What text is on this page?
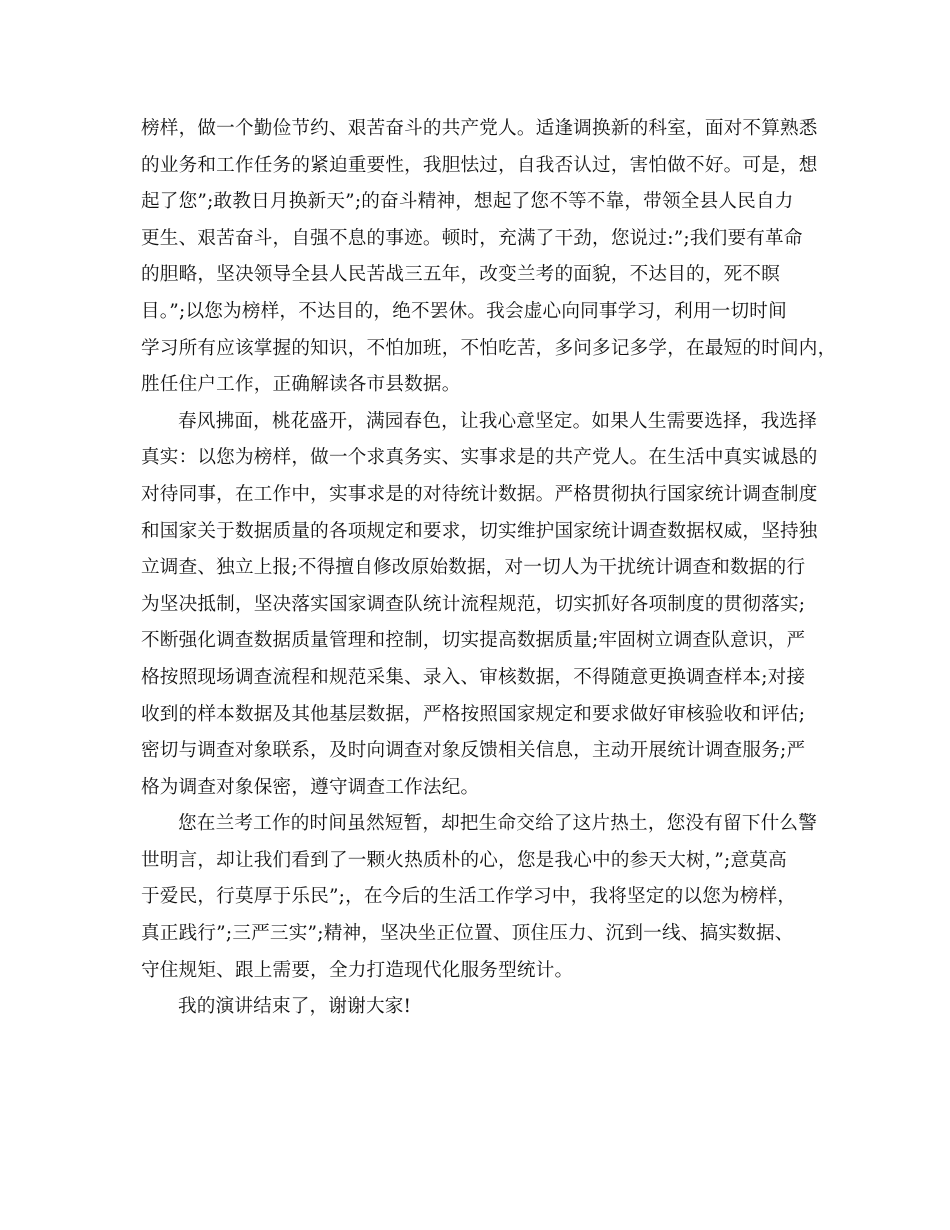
榜样，做一个勤俭节约、艰苦奋斗的共产党人。适逢调换新的科室，面对不算熟悉
的业务和工作任务的紧迫重要性，我胆怯过，自我否认过，害怕做不好。可是，想
起了您”;敢教日月换新天”;的奋斗精神，想起了您不等不靠，带领全县人民自力
更生、艰苦奋斗，自强不息的事迹。顿时，充满了干劲，您说过:”;我们要有革命
的胆略，坚决领导全县人民苦战三五年，改变兰考的面貌，不达目的，死不瞑
目。”;以您为榜样，不达目的，绝不罢休。我会虚心向同事学习，利用一切时间
学习所有应该掌握的知识，不怕加班，不怕吃苦，多问多记多学，在最短的时间内，
胜任住户工作，正确解读各市县数据。
春风拂面，桃花盛开，满园春色，让我心意坚定。如果人生需要选择，我选择
真实：以您为榜样，做一个求真务实、实事求是的共产党人。在生活中真实诚恳的
对待同事，在工作中，实事求是的对待统计数据。严格贯彻执行国家统计调查制度
和国家关于数据质量的各项规定和要求，切实维护国家统计调查数据权威，坚持独
立调查、独立上报;不得擅自修改原始数据，对一切人为干扰统计调查和数据的行
为坚决抵制，坚决落实国家调查队统计流程规范，切实抓好各项制度的贯彻落实;
不断强化调查数据质量管理和控制，切实提高数据质量;牢固树立调查队意识，严
格按照现场调查流程和规范采集、录入、审核数据，不得随意更换调查样本;对接
收到的样本数据及其他基层数据，严格按照国家规定和要求做好审核验收和评估;
密切与调查对象联系，及时向调查对象反馈相关信息，主动开展统计调查服务;严
格为调查对象保密，遵守调查工作法纪。
您在兰考工作的时间虽然短暂，却把生命交给了这片热土，您没有留下什么警
世明言，却让我们看到了一颗火热质朴的心，您是我心中的参天大树，”;意莫高
于爱民，行莫厚于乐民”;，在今后的生活工作学习中，我将坚定的以您为榜样，
真正践行”;三严三实”;精神，坚决坐正位置、顶住压力、沉到一线、搞实数据、
守住规矩、跟上需要，全力打造现代化服务型统计。
我的演讲结束了，谢谢大家!
